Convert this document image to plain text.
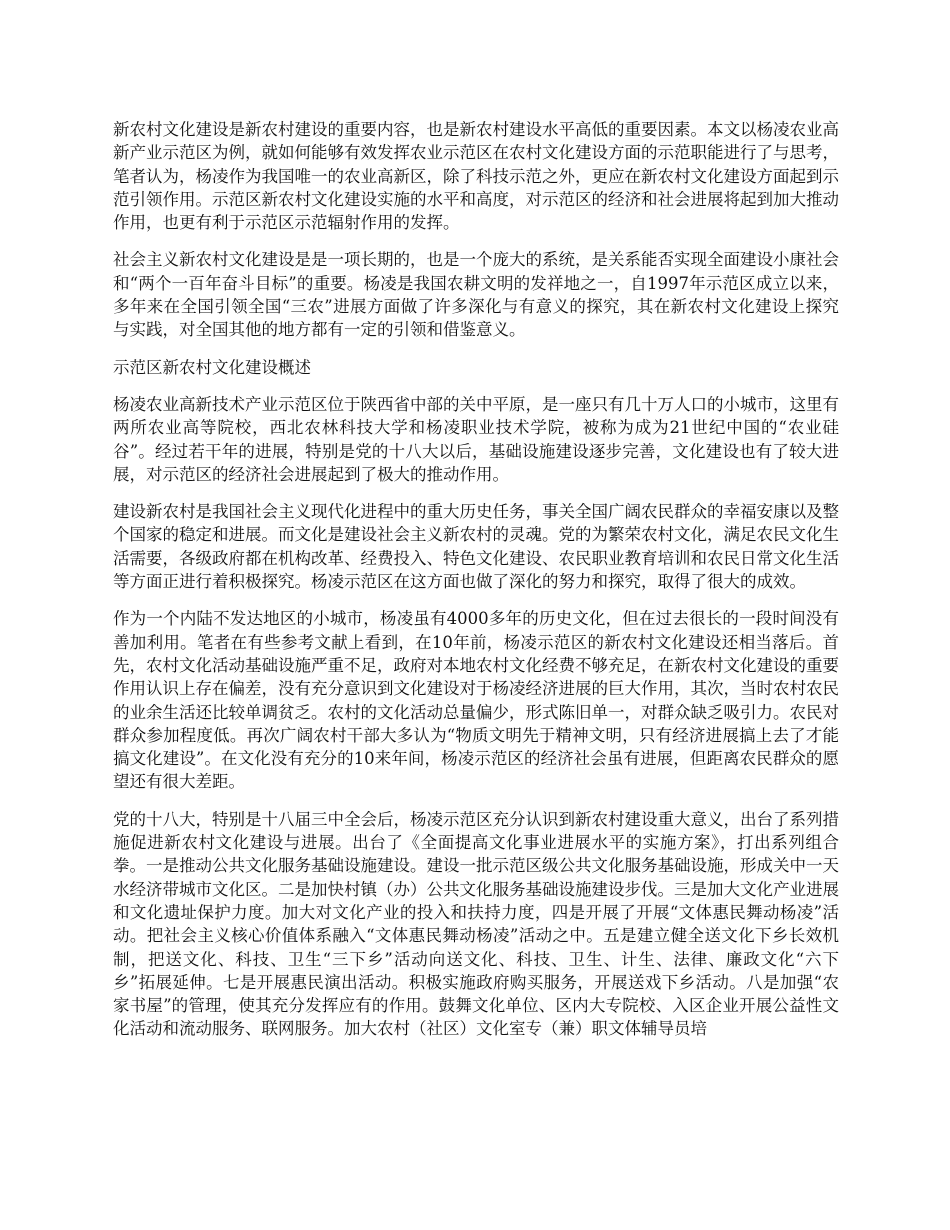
新农村文化建设是新农村建设的重要内容，也是新农村建设水平高低的重要因素。本文以杨凌农业高新产业示范区为例，就如何能够有效发挥农业示范区在农村文化建设方面的示范职能进行了与思考，笔者认为，杨凌作为我国唯一的农业高新区，除了科技示范之外，更应在新农村文化建设方面起到示范引领作用。示范区新农村文化建设实施的水平和高度，对示范区的经济和社会进展将起到加大推动作用，也更有利于示范区示范辐射作用的发挥。

社会主义新农村文化建设是是一项长期的，也是一个庞大的系统，是关系能否实现全面建设小康社会和“两个一百年奋斗目标”的重要。杨凌是我国农耕文明的发祥地之一，自1997年示范区成立以来，多年来在全国引领全国“三农”进展方面做了许多深化与有意义的探究，其在新农村文化建设上探究与实践，对全国其他的地方都有一定的引领和借鉴意义。

示范区新农村文化建设概述

杨凌农业高新技术产业示范区位于陕西省中部的关中平原，是一座只有几十万人口的小城市，这里有两所农业高等院校，西北农林科技大学和杨凌职业技术学院，被称为成为21世纪中国的“农业硅谷”。经过若干年的进展，特别是党的十八大以后，基础设施建设逐步完善，文化建设也有了较大进展，对示范区的经济社会进展起到了极大的推动作用。

建设新农村是我国社会主义现代化进程中的重大历史任务，事关全国广阔农民群众的幸福安康以及整个国家的稳定和进展。而文化是建设社会主义新农村的灵魂。党的为繁荣农村文化，满足农民文化生活需要，各级政府都在机构改革、经费投入、特色文化建设、农民职业教育培训和农民日常文化生活等方面正进行着积极探究。杨凌示范区在这方面也做了深化的努力和探究，取得了很大的成效。

作为一个内陆不发达地区的小城市，杨凌虽有4000多年的历史文化，但在过去很长的一段时间没有善加利用。笔者在有些参考文献上看到，在10年前，杨凌示范区的新农村文化建设还相当落后。首先，农村文化活动基础设施严重不足，政府对本地农村文化经费不够充足，在新农村文化建设的重要作用认识上存在偏差，没有充分意识到文化建设对于杨凌经济进展的巨大作用，其次，当时农村农民的业余生活还比较单调贫乏。农村的文化活动总量偏少，形式陈旧单一，对群众缺乏吸引力。农民对群众参加程度低。再次广阔农村干部大多认为“物质文明先于精神文明，只有经济进展搞上去了才能搞文化建设”。在文化没有充分的10来年间，杨凌示范区的经济社会虽有进展，但距离农民群众的愿望还有很大差距。

党的十八大，特别是十八届三中全会后，杨凌示范区充分认识到新农村建设重大意义，出台了系列措施促进新农村文化建设与进展。出台了《全面提高文化事业进展水平的实施方案》，打出系列组合拳。一是推动公共文化服务基础设施建设。建设一批示范区级公共文化服务基础设施，形成关中一天水经济带城市文化区。二是加快村镇（办）公共文化服务基础设施建设步伐。三是加大文化产业进展和文化遗址保护力度。加大对文化产业的投入和扶持力度，四是开展了开展“文体惠民舞动杨凌”活动。把社会主义核心价值体系融入“文体惠民舞动杨凌”活动之中。五是建立健全送文化下乡长效机制，把送文化、科技、卫生“三下乡”活动向送文化、科技、卫生、计生、法律、廉政文化“六下乡”拓展延伸。七是开展惠民演出活动。积极实施政府购买服务，开展送戏下乡活动。八是加强“农家书屋”的管理，使其充分发挥应有的作用。鼓舞文化单位、区内大专院校、入区企业开展公益性文化活动和流动服务、联网服务。加大农村（社区）文化室专（兼）职文体辅导员培
